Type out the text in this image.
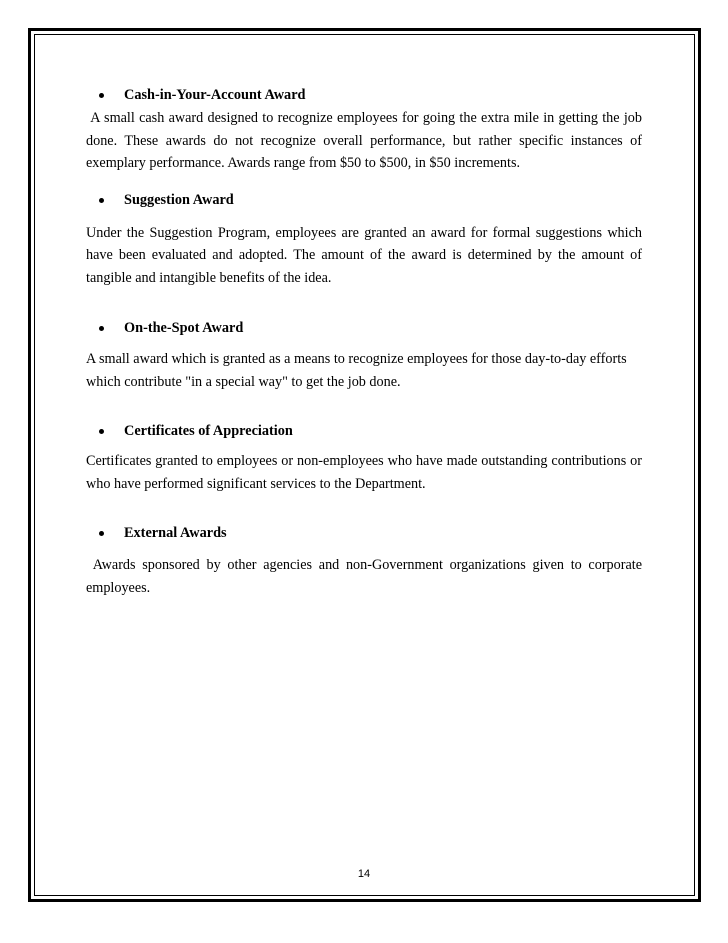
Cash-in-Your-Account Award

A small cash award designed to recognize employees for going the extra mile in getting the job done. These awards do not recognize overall performance, but rather specific instances of exemplary performance. Awards range from $50 to $500, in $50 increments.

Suggestion Award

Under the Suggestion Program, employees are granted an award for formal suggestions which have been evaluated and adopted. The amount of the award is determined by the amount of tangible and intangible benefits of the idea.

On-the-Spot Award

A small award which is granted as a means to recognize employees for those day-to-day efforts which contribute "in a special way" to get the job done.

Certificates of Appreciation

Certificates granted to employees or non-employees who have made outstanding contributions or who have performed significant services to the Department.

External Awards

Awards sponsored by other agencies and non-Government organizations given to corporate employees.

14
